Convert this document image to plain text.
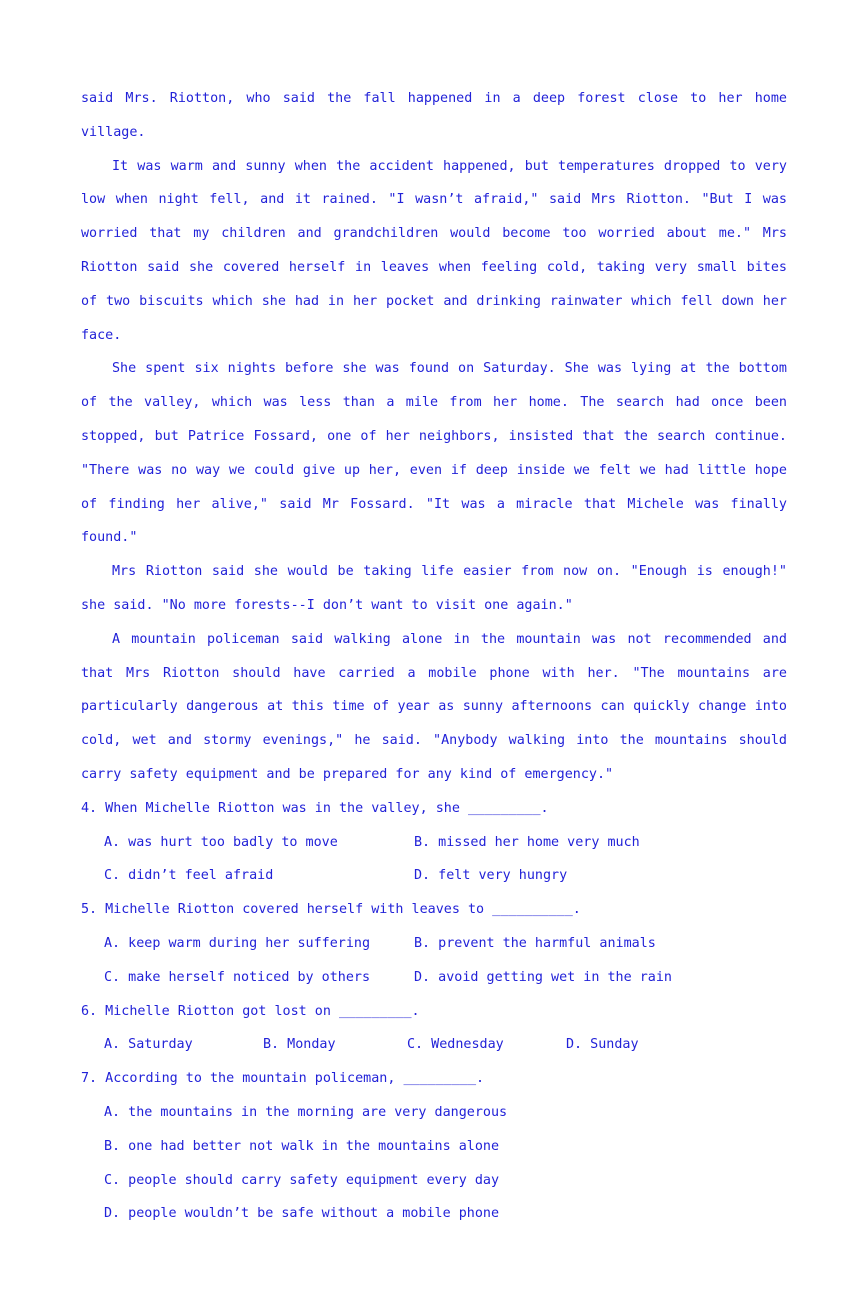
said Mrs. Riotton, who said the fall happened in a deep forest close to her home village.

It was warm and sunny when the accident happened, but temperatures dropped to very low when night fell, and it rained. "I wasn’t afraid," said Mrs Riotton. "But I was worried that my children and grandchildren would become too worried about me." Mrs Riotton said she covered herself in leaves when feeling cold, taking very small bites of two biscuits which she had in her pocket and drinking rainwater which fell down her face.

She spent six nights before she was found on Saturday. She was lying at the bottom of the valley, which was less than a mile from her home. The search had once been stopped, but Patrice Fossard, one of her neighbors, insisted that the search continue. "There was no way we could give up her, even if deep inside we felt we had little hope of finding her alive," said Mr Fossard. "It was a miracle that Michele was finally found."

Mrs Riotton said she would be taking life easier from now on. "Enough is enough!" she said. "No more forests--I don’t want to visit one again."

A mountain policeman said walking alone in the mountain was not recommended and that Mrs Riotton should have carried a mobile phone with her. "The mountains are particularly dangerous at this time of year as sunny afternoons can quickly change into cold, wet and stormy evenings," he said. "Anybody walking into the mountains should carry safety equipment and be prepared for any kind of emergency."

4. When Michelle Riotton was in the valley, she _________.

A. was hurt too badly to move

	B. missed her home very much

C. didn’t feel afraid

	D. felt very hungry

5. Michelle Riotton covered herself with leaves to __________.

A. keep warm during her suffering

	B. prevent the harmful animals

C. make herself noticed by others

	D. avoid getting wet in the rain

6. Michelle Riotton got lost on _________.

A. Saturday

	B. Monday

	C. Wednesday

	D. Sunday

7. According to the mountain policeman, _________.

A. the mountains in the morning are very dangerous

B. one had better not walk in the mountains alone

C. people should carry safety equipment every day

D. people wouldn’t be safe without a mobile phone
